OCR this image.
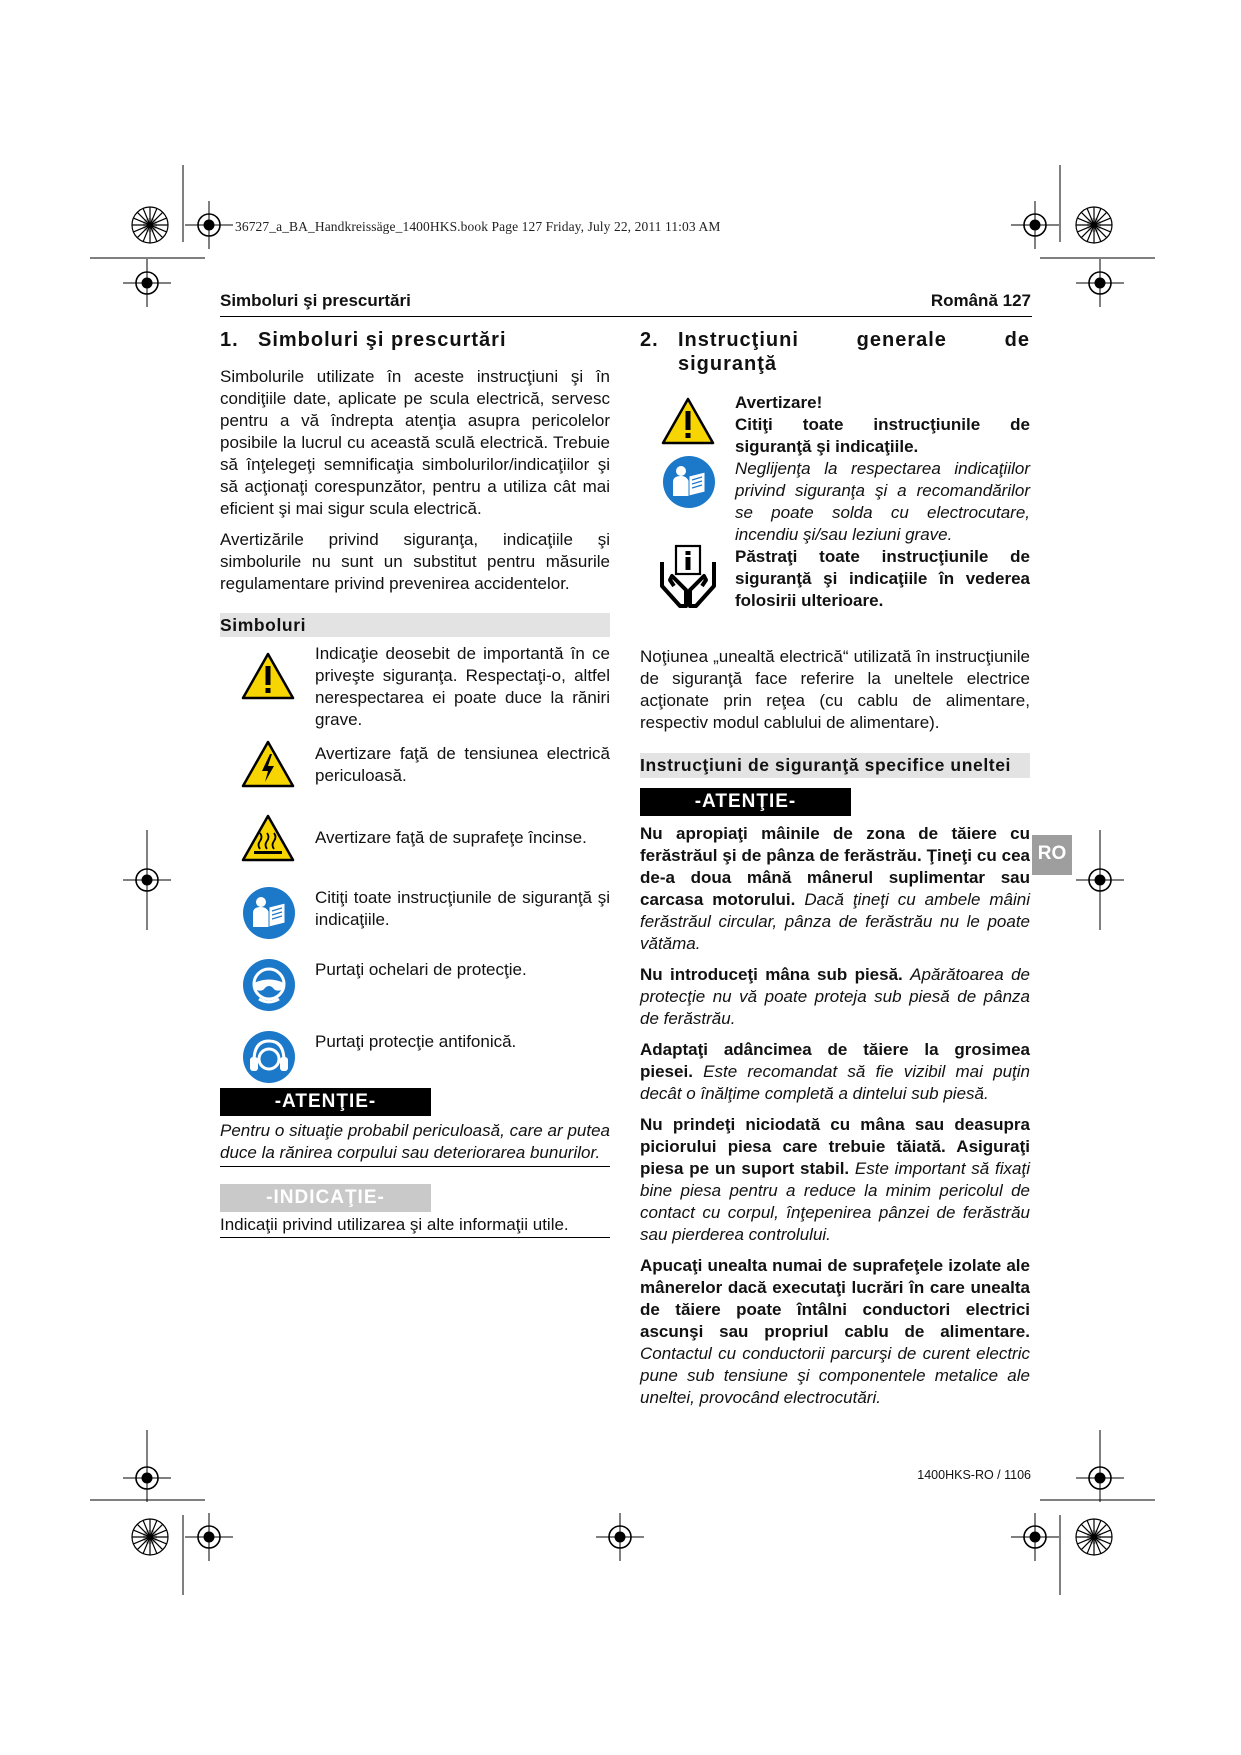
36727_a_BA_Handkreissäge_1400HKS.book Page 127 Friday, July 22, 2011 11:03 AM
Simboluri şi prescurtări	Română 127
1. Simboluri şi prescurtări

Simbolurile utilizate în aceste instrucţiuni şi în condiţiile date, aplicate pe scula electrică, servesc pentru a vă îndrepta atenţia asupra pericolelor posibile la lucrul cu această sculă electrică. Trebuie să înţelegeţi semnificaţia simbolurilor/indicaţiilor şi să acţionaţi corespunzător, pentru a utiliza cât mai eficient şi mai sigur scula electrică.

Avertizările privind siguranţa, indicaţiile şi simbolurile nu sunt un substitut pentru măsurile regulamentare privind prevenirea accidentelor.

Simboluri
Indicaţie deosebit de importantă în ce priveşte siguranţa. Respectaţi-o, altfel nerespectarea ei poate duce la răniri grave.
Avertizare faţă de tensiunea electrică periculoasă.
Avertizare faţă de suprafeţe încinse.
Citiţi toate instrucţiunile de siguranţă şi indicaţiile.
Purtaţi ochelari de protecţie.
Purtaţi protecţie antifonică.
-ATENŢIE-

Pentru o situaţie probabil periculoasă, care ar putea duce la rănirea corpului sau deteriorarea bunurilor.

-INDICAŢIE-

Indicaţii privind utilizarea şi alte informaţii utile.

2. Instrucţiuni generale de siguranţă
Avertizare!
Citiţi toate instrucţiunile de siguranţă şi indicaţiile.
Neglijenţa la respectarea indicaţiilor privind siguranţa şi a recomandărilor se poate solda cu electrocutare, incendiu şi/sau leziuni grave.
Păstraţi toate instrucţiunile de siguranţă şi indicaţiile în vederea folosirii ulterioare.

Noţiunea „unealtă electrică“ utilizată în instrucţiunile de siguranţă face referire la uneltele electrice acţionate prin reţea (cu cablu de alimentare, respectiv modul cablului de alimentare).

Instrucţiuni de siguranţă specifice uneltei
-ATENŢIE-

Nu apropiaţi mâinile de zona de tăiere cu ferăstrăul şi de pânza de ferăstrău. Ţineţi cu cea de-a doua mână mânerul suplimentar sau carcasa motorului. Dacă ţineţi cu ambele mâini ferăstrăul circular, pânza de ferăstrău nu le poate vătăma.

Nu introduceţi mâna sub piesă. Apărătoarea de protecţie nu vă poate proteja sub piesă de pânza de ferăstrău.

Adaptaţi adâncimea de tăiere la grosimea piesei. Este recomandat să fie vizibil mai puţin decât o înălţime completă a dintelui sub piesă.

Nu prindeţi niciodată cu mâna sau deasupra piciorului piesa care trebuie tăiată. Asiguraţi piesa pe un suport stabil. Este important să fixaţi bine piesa pentru a reduce la minim pericolul de contact cu corpul, înţepenirea pânzei de ferăstrău sau pierderea controlului.

Apucaţi unealta numai de suprafeţele izolate ale mânerelor dacă executaţi lucrări în care unealta de tăiere poate întâlni conductori electrici ascunşi sau propriul cablu de alimentare. Contactul cu conductorii parcurşi de curent electric pune sub tensiune şi componentele metalice ale uneltei, provocând electrocutări.

RO
1400HKS-RO / 1106
